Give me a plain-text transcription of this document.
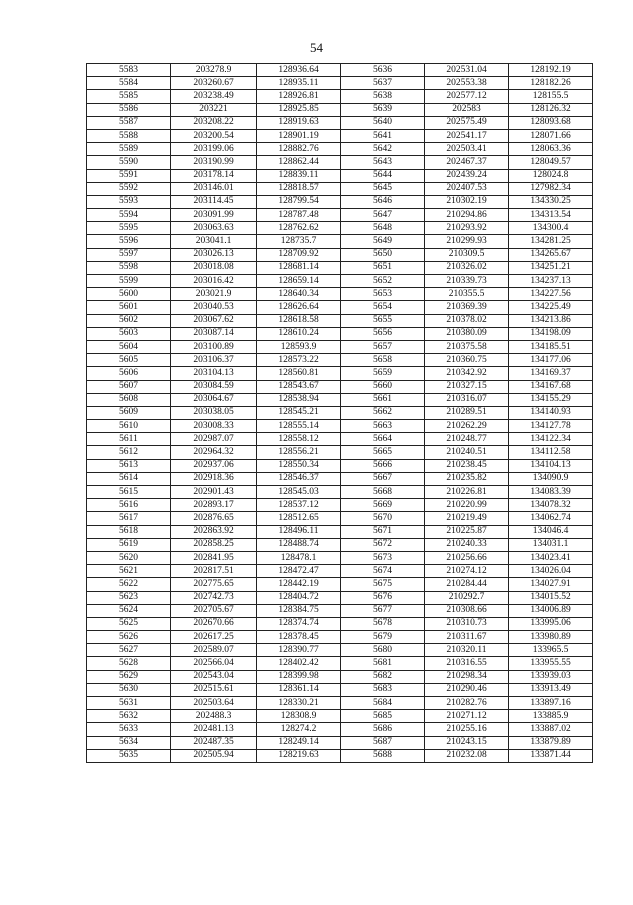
54
5583	203278.9	128936.64	5636	202531.04	128192.19
5584	203260.67	128935.11	5637	202553.38	128182.26
5585	203238.49	128926.81	5638	202577.12	128155.5
5586	203221	128925.85	5639	202583	128126.32
5587	203208.22	128919.63	5640	202575.49	128093.68
5588	203200.54	128901.19	5641	202541.17	128071.66
5589	203199.06	128882.76	5642	202503.41	128063.36
5590	203190.99	128862.44	5643	202467.37	128049.57
5591	203178.14	128839.11	5644	202439.24	128024.8
5592	203146.01	128818.57	5645	202407.53	127982.34
5593	203114.45	128799.54	5646	210302.19	134330.25
5594	203091.99	128787.48	5647	210294.86	134313.54
5595	203063.63	128762.62	5648	210293.92	134300.4
5596	203041.1	128735.7	5649	210299.93	134281.25
5597	203026.13	128709.92	5650	210309.5	134265.67
5598	203018.08	128681.14	5651	210326.02	134251.21
5599	203016.42	128659.14	5652	210339.73	134237.13
5600	203021.9	128640.34	5653	210355.5	134227.56
5601	203040.53	128626.64	5654	210369.39	134225.49
5602	203067.62	128618.58	5655	210378.02	134213.86
5603	203087.14	128610.24	5656	210380.09	134198.09
5604	203100.89	128593.9	5657	210375.58	134185.51
5605	203106.37	128573.22	5658	210360.75	134177.06
5606	203104.13	128560.81	5659	210342.92	134169.37
5607	203084.59	128543.67	5660	210327.15	134167.68
5608	203064.67	128538.94	5661	210316.07	134155.29
5609	203038.05	128545.21	5662	210289.51	134140.93
5610	203008.33	128555.14	5663	210262.29	134127.78
5611	202987.07	128558.12	5664	210248.77	134122.34
5612	202964.32	128556.21	5665	210240.51	134112.58
5613	202937.06	128550.34	5666	210238.45	134104.13
5614	202918.36	128546.37	5667	210235.82	134090.9
5615	202901.43	128545.03	5668	210226.81	134083.39
5616	202893.17	128537.12	5669	210220.99	134078.32
5617	202876.65	128512.65	5670	210219.49	134062.74
5618	202863.92	128496.11	5671	210225.87	134046.4
5619	202858.25	128488.74	5672	210240.33	134031.1
5620	202841.95	128478.1	5673	210256.66	134023.41
5621	202817.51	128472.47	5674	210274.12	134026.04
5622	202775.65	128442.19	5675	210284.44	134027.91
5623	202742.73	128404.72	5676	210292.7	134015.52
5624	202705.67	128384.75	5677	210308.66	134006.89
5625	202670.66	128374.74	5678	210310.73	133995.06
5626	202617.25	128378.45	5679	210311.67	133980.89
5627	202589.07	128390.77	5680	210320.11	133965.5
5628	202566.04	128402.42	5681	210316.55	133955.55
5629	202543.04	128399.98	5682	210298.34	133939.03
5630	202515.61	128361.14	5683	210290.46	133913.49
5631	202503.64	128330.21	5684	210282.76	133897.16
5632	202488.3	128308.9	5685	210271.12	133885.9
5633	202481.13	128274.2	5686	210255.16	133887.02
5634	202487.35	128249.14	5687	210243.15	133879.89
5635	202505.94	128219.63	5688	210232.08	133871.44
